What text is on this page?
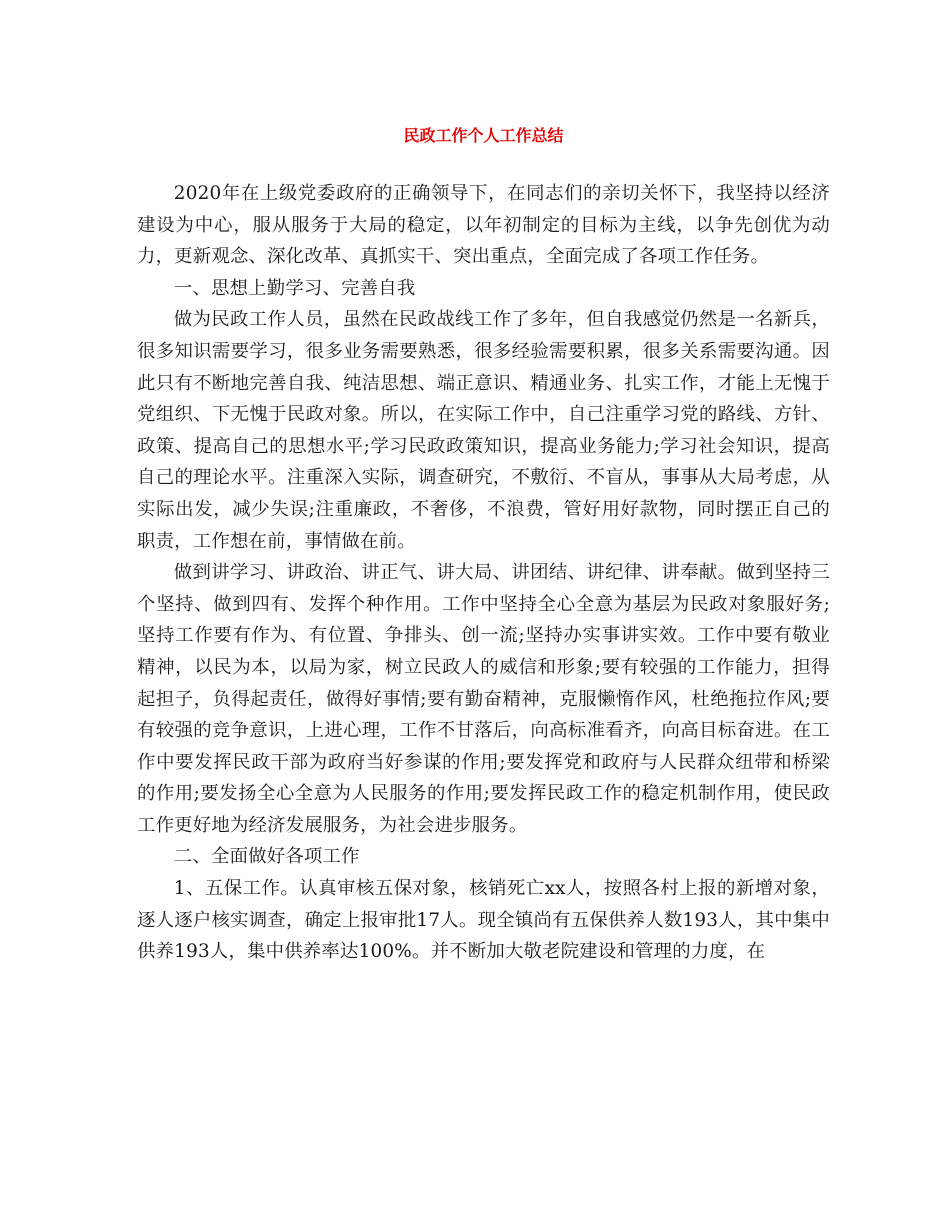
民政工作个人工作总结

2020年在上级党委政府的正确领导下，在同志们的亲切关怀下，我坚持以经济建设为中心，服从服务于大局的稳定，以年初制定的目标为主线，以争先创优为动力，更新观念、深化改革、真抓实干、突出重点，全面完成了各项工作任务。

一、思想上勤学习、完善自我

做为民政工作人员，虽然在民政战线工作了多年，但自我感觉仍然是一名新兵，很多知识需要学习，很多业务需要熟悉，很多经验需要积累，很多关系需要沟通。因此只有不断地完善自我、纯洁思想、端正意识、精通业务、扎实工作，才能上无愧于党组织、下无愧于民政对象。所以，在实际工作中，自己注重学习党的路线、方针、政策、提高自己的思想水平;学习民政政策知识，提高业务能力;学习社会知识，提高自己的理论水平。注重深入实际，调查研究，不敷衍、不盲从，事事从大局考虑，从实际出发，减少失误;注重廉政，不奢侈，不浪费，管好用好款物，同时摆正自己的职责，工作想在前，事情做在前。

做到讲学习、讲政治、讲正气、讲大局、讲团结、讲纪律、讲奉献。做到坚持三个坚持、做到四有、发挥个种作用。工作中坚持全心全意为基层为民政对象服好务;坚持工作要有作为、有位置、争排头、创一流;坚持办实事讲实效。工作中要有敬业精神，以民为本，以局为家，树立民政人的威信和形象;要有较强的工作能力，担得起担子，负得起责任，做得好事情;要有勤奋精神，克服懒惰作风，杜绝拖拉作风;要有较强的竞争意识，上进心理，工作不甘落后，向高标准看齐，向高目标奋进。在工作中要发挥民政干部为政府当好参谋的作用;要发挥党和政府与人民群众纽带和桥梁的作用;要发扬全心全意为人民服务的作用;要发挥民政工作的稳定机制作用，使民政工作更好地为经济发展服务，为社会进步服务。

二、全面做好各项工作

1、五保工作。认真审核五保对象，核销死亡xx人，按照各村上报的新增对象，逐人逐户核实调查，确定上报审批17人。现全镇尚有五保供养人数193人，其中集中供养193人，集中供养率达100%。并不断加大敬老院建设和管理的力度，在
